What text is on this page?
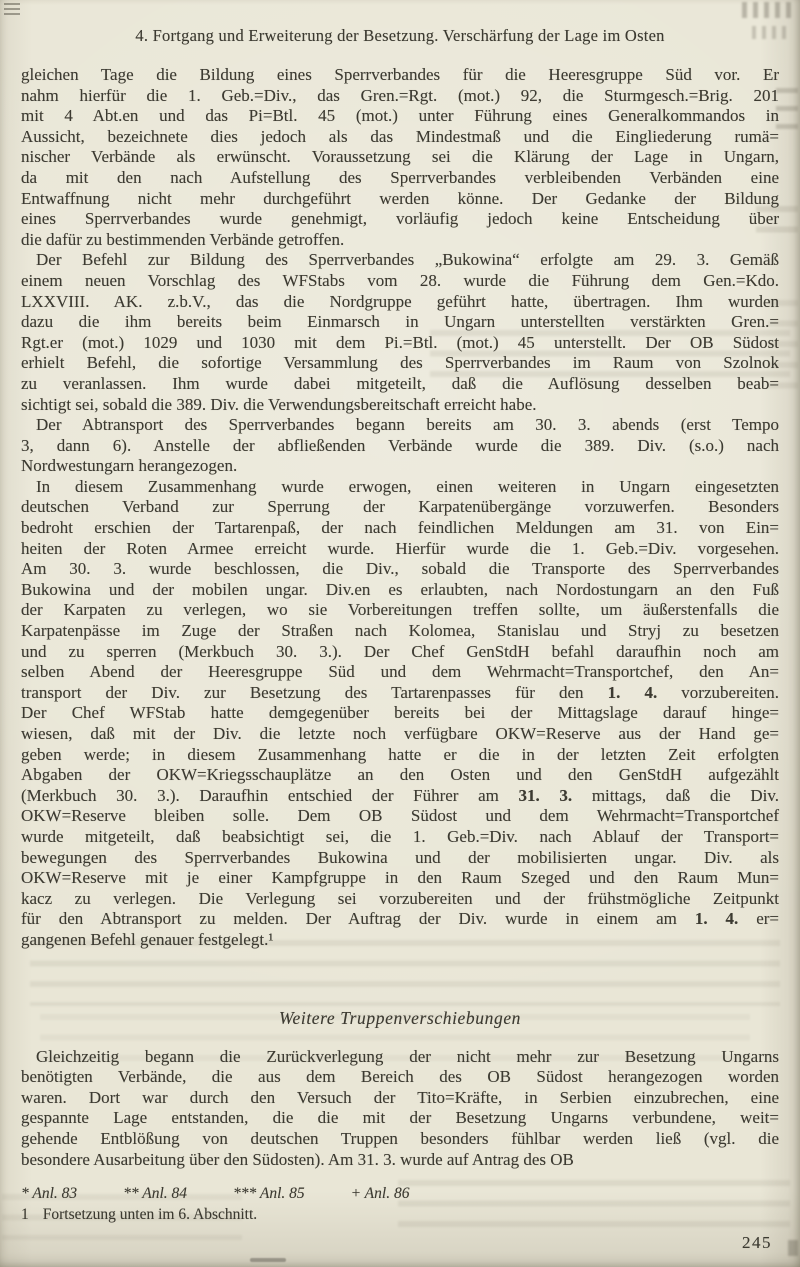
4. Fortgang und Erweiterung der Besetzung. Verschärfung der Lage im Osten
gleichen Tage die Bildung eines Sperrverbandes für die Heeresgruppe Süd vor. Er
nahm hierfür die 1. Geb.=Div., das Gren.=Rgt. (mot.) 92, die Sturmgesch.=Brig. 201
mit 4 Abt.en und das Pi=Btl. 45 (mot.) unter Führung eines Generalkommandos in
Aussicht, bezeichnete dies jedoch als das Mindestmaß und die Eingliederung rumä=
nischer Verbände als erwünscht. Voraussetzung sei die Klärung der Lage in Ungarn,
da mit den nach Aufstellung des Sperrverbandes verbleibenden Verbänden eine
Entwaffnung nicht mehr durchgeführt werden könne. Der Gedanke der Bildung
eines Sperrverbandes wurde genehmigt, vorläufig jedoch keine Entscheidung über
die dafür zu bestimmenden Verbände getroffen.
Der Befehl zur Bildung des Sperrverbandes „Bukowina“ erfolgte am 29. 3. Gemäß
einem neuen Vorschlag des WFStabs vom 28. wurde die Führung dem Gen.=Kdo.
LXXVIII. AK. z.b.V., das die Nordgruppe geführt hatte, übertragen. Ihm wurden
dazu die ihm bereits beim Einmarsch in Ungarn unterstellten verstärkten Gren.=
Rgt.er (mot.) 1029 und 1030 mit dem Pi.=Btl. (mot.) 45 unterstellt. Der OB Südost
erhielt Befehl, die sofortige Versammlung des Sperrverbandes im Raum von Szolnok
zu veranlassen. Ihm wurde dabei mitgeteilt, daß die Auflösung desselben beab=
sichtigt sei, sobald die 389. Div. die Verwendungsbereitschaft erreicht habe.
Der Abtransport des Sperrverbandes begann bereits am 30. 3. abends (erst Tempo
3, dann 6). Anstelle der abfließenden Verbände wurde die 389. Div. (s.o.) nach
Nordwestungarn herangezogen.
In diesem Zusammenhang wurde erwogen, einen weiteren in Ungarn eingesetzten
deutschen Verband zur Sperrung der Karpatenübergänge vorzuwerfen. Besonders
bedroht erschien der Tartarenpaß, der nach feindlichen Meldungen am 31. von Ein=
heiten der Roten Armee erreicht wurde. Hierfür wurde die 1. Geb.=Div. vorgesehen.
Am 30. 3. wurde beschlossen, die Div., sobald die Transporte des Sperrverbandes
Bukowina und der mobilen ungar. Div.en es erlaubten, nach Nordostungarn an den Fuß
der Karpaten zu verlegen, wo sie Vorbereitungen treffen sollte, um äußerstenfalls die
Karpatenpässe im Zuge der Straßen nach Kolomea, Stanislau und Stryj zu besetzen
und zu sperren (Merkbuch 30. 3.). Der Chef GenStdH befahl daraufhin noch am
selben Abend der Heeresgruppe Süd und dem Wehrmacht=Transportchef, den An=
transport der Div. zur Besetzung des Tartarenpasses für den 1. 4. vorzubereiten.
Der Chef WFStab hatte demgegenüber bereits bei der Mittagslage darauf hinge=
wiesen, daß mit der Div. die letzte noch verfügbare OKW=Reserve aus der Hand ge=
geben werde; in diesem Zusammenhang hatte er die in der letzten Zeit erfolgten
Abgaben der OKW=Kriegsschauplätze an den Osten und den GenStdH aufgezählt
(Merkbuch 30. 3.). Daraufhin entschied der Führer am 31. 3. mittags, daß die Div.
OKW=Reserve bleiben solle. Dem OB Südost und dem Wehrmacht=Transportchef
wurde mitgeteilt, daß beabsichtigt sei, die 1. Geb.=Div. nach Ablauf der Transport=
bewegungen des Sperrverbandes Bukowina und der mobilisierten ungar. Div. als
OKW=Reserve mit je einer Kampfgruppe in den Raum Szeged und den Raum Mun=
kacz zu verlegen. Die Verlegung sei vorzubereiten und der frühstmögliche Zeitpunkt
für den Abtransport zu melden. Der Auftrag der Div. wurde in einem am 1. 4. er=
gangenen Befehl genauer festgelegt.¹
Weitere Truppenverschiebungen
Gleichzeitig begann die Zurückverlegung der nicht mehr zur Besetzung Ungarns
benötigten Verbände, die aus dem Bereich des OB Südost herangezogen worden
waren. Dort war durch den Versuch der Tito=Kräfte, in Serbien einzubrechen, eine
gespannte Lage entstanden, die die mit der Besetzung Ungarns verbundene, weit=
gehende Entblößung von deutschen Truppen besonders fühlbar werden ließ (vgl. die
besondere Ausarbeitung über den Südosten). Am 31. 3. wurde auf Antrag des OB
* Anl. 83	** Anl. 84	*** Anl. 85	+ Anl. 86
1 Fortsetzung unten im 6. Abschnitt.
245
